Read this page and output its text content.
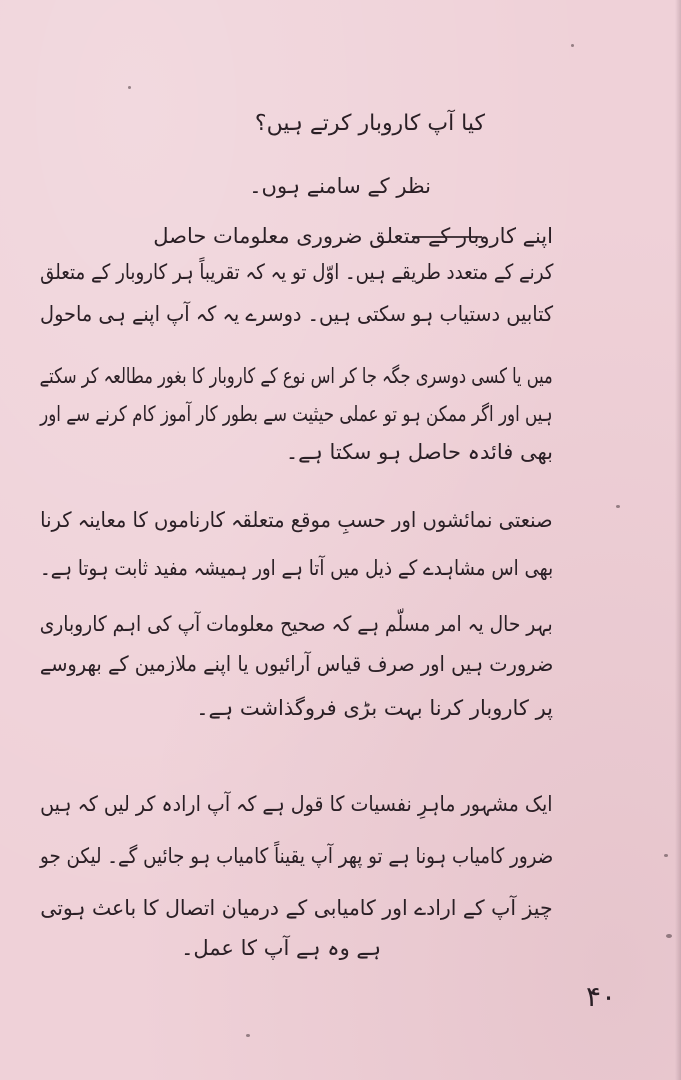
کیا آپ کاروبار کرتے ہیں؟
نظر کے سامنے ہوں۔
اپنے کاروبار کے متعلق ضروری معلومات حاصل
کرنے کے متعدد طریقے ہیں۔ اوّل تو یہ کہ تقریباً ہر کاروبار کے متعلق
کتابیں دستیاب ہو سکتی ہیں۔ دوسرے یہ کہ آپ اپنے ہی ماحول
میں یا کسی دوسری جگہ جا کر اس نوع کے کاروبار کا بغور مطالعہ کر سکتے
ہیں اور اگر ممکن ہو تو عملی حیثیت سے بطور کار آموز کام کرنے سے اور
بھی فائدہ حاصل ہو سکتا ہے۔
صنعتی نمائشوں اور حسبِ موقع متعلقہ کارناموں کا معاینہ کرنا
بھی اس مشاہدے کے ذیل میں آتا ہے اور ہمیشہ مفید ثابت ہوتا ہے۔
بہر حال یہ امر مسلّم ہے کہ صحیح معلومات آپ کی اہم کاروباری
ضرورت ہیں اور صرف قیاس آرائیوں یا اپنے ملازمین کے بھروسے
پر کاروبار کرنا بہت بڑی فروگذاشت ہے۔
ایک مشہور ماہرِ نفسیات کا قول ہے کہ آپ ارادہ کر لیں کہ ہیں
ضرور کامیاب ہونا ہے تو پھر آپ یقیناً کامیاب ہو جائیں گے۔ لیکن جو
چیز آپ کے ارادے اور کامیابی کے درمیان اتصال کا باعث ہوتی
ہے وہ ہے آپ کا عمل۔
۴۰
